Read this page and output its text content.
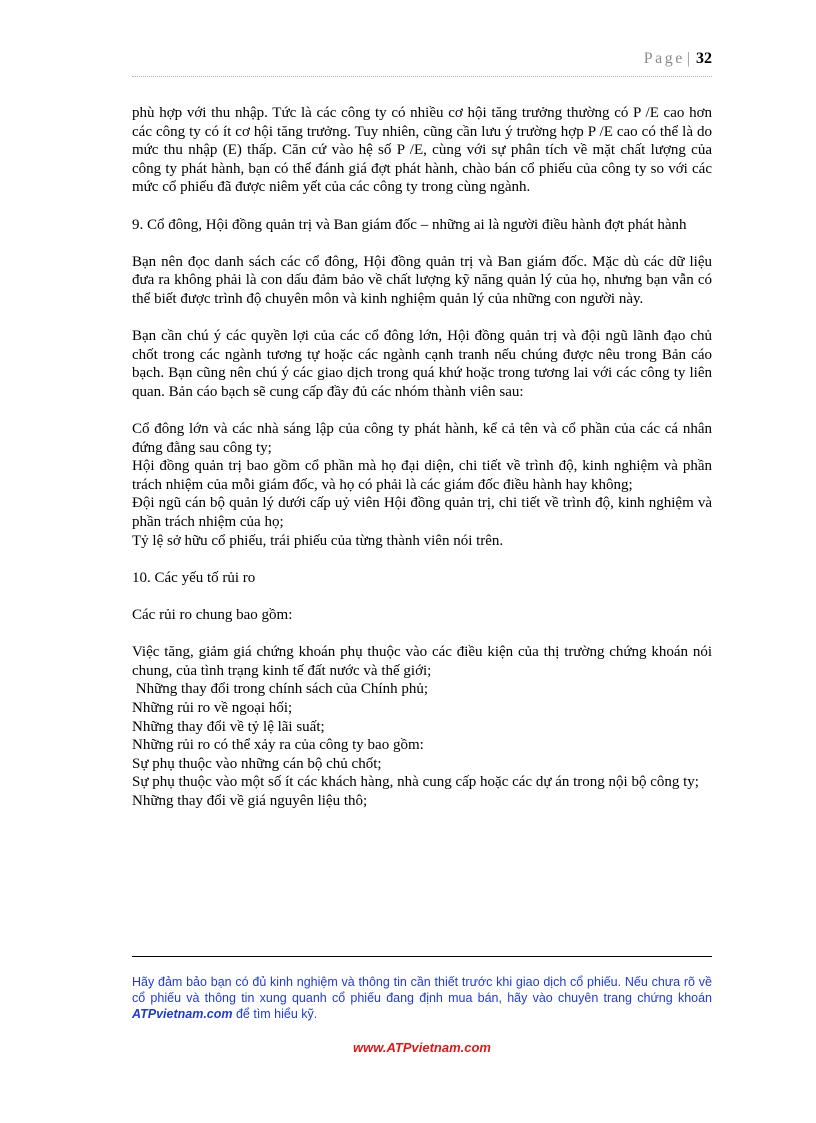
Page | 32

phù hợp với thu nhập. Tức là các công ty có nhiều cơ hội tăng trưởng thường có P /E cao hơn các công ty có ít cơ hội tăng trưởng. Tuy nhiên, cũng cần lưu ý trường hợp P /E cao có thể là do mức thu nhập (E) thấp. Căn cứ vào hệ số P /E, cùng với sự phân tích về mặt chất lượng của công ty phát hành, bạn có thể đánh giá đợt phát hành, chào bán cổ phiếu của công ty so với các mức cổ phiếu đã được niêm yết của các công ty trong cùng ngành.

9. Cổ đông, Hội đồng quản trị và Ban giám đốc – những ai là người điều hành đợt phát hành

Bạn nên đọc danh sách các cổ đông, Hội đồng quản trị và Ban giám đốc. Mặc dù các dữ liệu đưa ra không phải là con dấu đảm bảo về chất lượng kỹ năng quản lý của họ, nhưng bạn vẫn có thể biết được trình độ chuyên môn và kinh nghiệm quản lý của những con người này.

Bạn cần chú ý các quyền lợi của các cổ đông lớn, Hội đồng quản trị và đội ngũ lãnh đạo chủ chốt trong các ngành tương tự hoặc các ngành cạnh tranh nếu chúng được nêu trong Bản cáo bạch. Bạn cũng nên chú ý các giao dịch trong quá khứ hoặc trong tương lai với các công ty liên quan. Bản cáo bạch sẽ cung cấp đầy đủ các nhóm thành viên sau:

Cổ đông lớn và các nhà sáng lập của công ty phát hành, kể cả tên và cổ phần của các cá nhân đứng đằng sau công ty;

Hội đồng quản trị bao gồm cổ phần mà họ đại diện, chi tiết về trình độ, kinh nghiệm và phần trách nhiệm của mỗi giám đốc, và họ có phải là các giám đốc điều hành hay không;

Đội ngũ cán bộ quản lý dưới cấp uỷ viên Hội đồng quản trị, chi tiết về trình độ, kinh nghiệm và phần trách nhiệm của họ;

Tỷ lệ sở hữu cổ phiếu, trái phiếu của từng thành viên nói trên.

10. Các yếu tố rủi ro

Các rủi ro chung bao gồm:

Việc tăng, giảm giá chứng khoán phụ thuộc vào các điều kiện của thị trường chứng khoán nói chung, của tình trạng kinh tế đất nước và thế giới;

Những thay đổi trong chính sách của Chính phủ;

Những rủi ro về ngoại hối;

Những thay đổi về tỷ lệ lãi suất;

Những rủi ro có thể xảy ra của công ty bao gồm:

Sự phụ thuộc vào những cán bộ chủ chốt;

Sự phụ thuộc vào một số ít các khách hàng, nhà cung cấp hoặc các dự án trong nội bộ công ty;

Những thay đổi về giá nguyên liệu thô;

Hãy đảm bảo bạn có đủ kinh nghiệm và thông tin cần thiết trước khi giao dịch cổ phiếu. Nếu chưa rõ về cổ phiếu và thông tin xung quanh cổ phiếu đang định mua bán, hãy vào chuyên trang chứng khoán ATPvietnam.com để tìm hiểu kỹ.
www.ATPvietnam.com
